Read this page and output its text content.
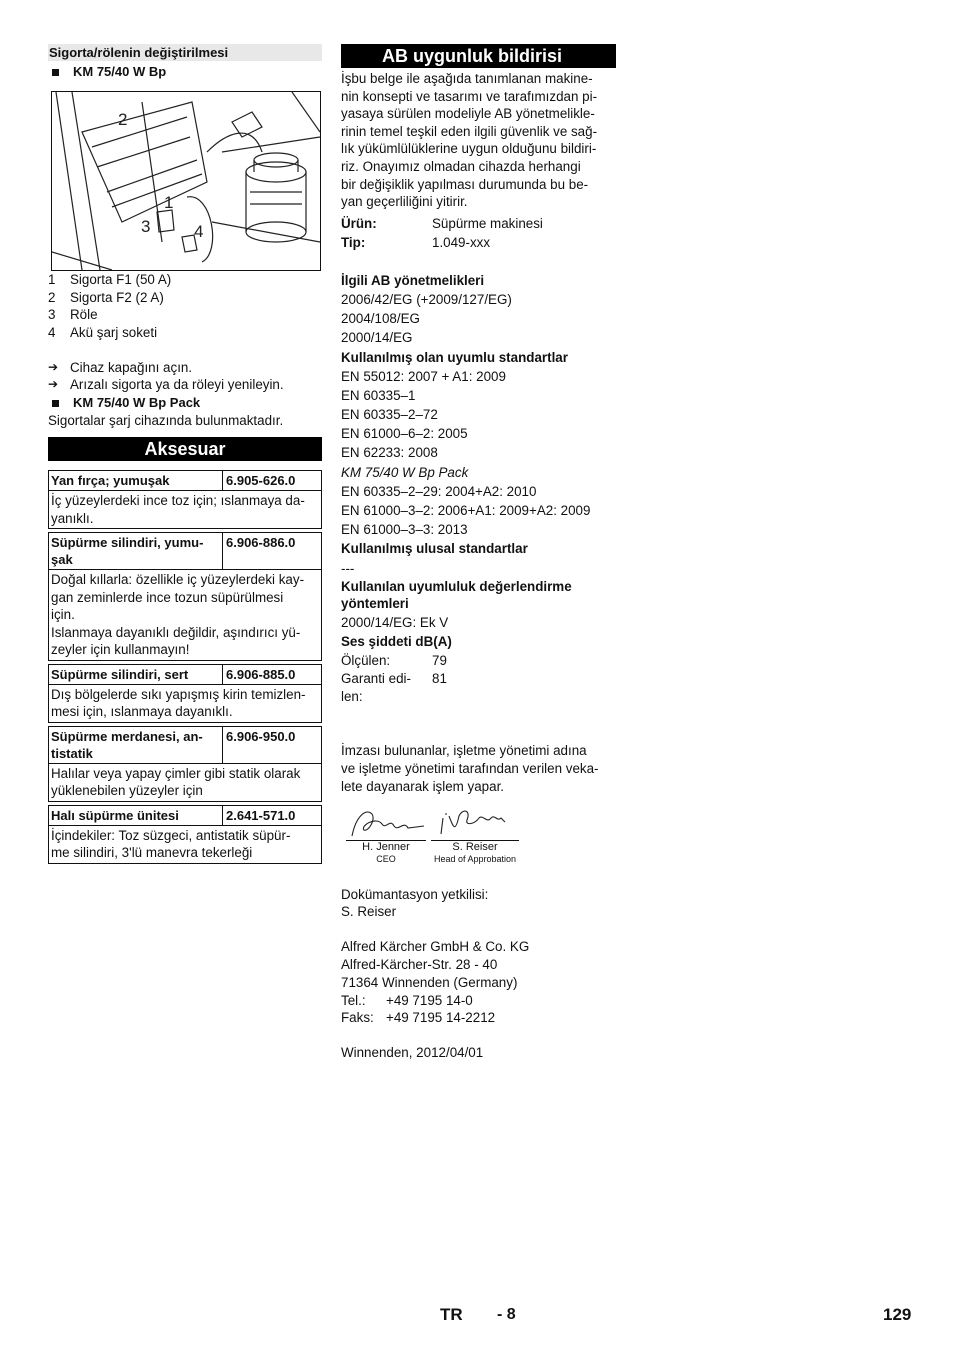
Sigorta/rölenin değiştirilmesi
KM 75/40 W Bp
2
1
3	4
1	Sigorta F1 (50 A)
2	Sigorta F2 (2 A)
3	Röle
4	Akü şarj soketi
➔ Cihaz kapağını açın.
➔ Arızalı sigorta ya da röleyi yenileyin.
KM 75/40 W Bp Pack
Sigortalar şarj cihazında bulunmaktadır.
Aksesuar
Yan fırça; yumuşak	6.905-626.0
İç yüzeylerdeki ince toz için; ıslanmaya da-
yanıklı.
Süpürme silindiri, yumu-
şak
6.906-886.0
Doğal kıllarla: özellikle iç yüzeylerdeki kay-
gan zeminlerde ince tozun süpürülmesi
için.
Islanmaya dayanıklı değildir, aşındırıcı yü-
zeyler için kullanmayın!
Süpürme silindiri, sert	6.906-885.0
Dış bölgelerde sıkı yapışmış kirin temizlen-
mesi için, ıslanmaya dayanıklı.
Süpürme merdanesi, an-
tistatik
6.906-950.0
Halılar veya yapay çimler gibi statik olarak
yüklenebilen yüzeyler için
Halı süpürme ünitesi	2.641-571.0
İçindekiler: Toz süzgeci, antistatik süpür-
me silindiri, 3'lü manevra tekerleği
AB uygunluk bildirisi
İşbu belge ile aşağıda tanımlanan makine-
nin konsepti ve tasarımı ve tarafımızdan pi-
yasaya sürülen modeliyle AB yönetmelikle-
rinin temel teşkil eden ilgili güvenlik ve sağ-
lık yükümlülüklerine uygun olduğunu bildiri-
riz. Onayımız olmadan cihazda herhangi
bir değişiklik yapılması durumunda bu be-
yan geçerliliğini yitirir.
Ürün:	Süpürme makinesi
Tip:	1.049-xxx
İlgili AB yönetmelikleri
2006/42/EG (+2009/127/EG)
2004/108/EG
2000/14/EG
Kullanılmış olan uyumlu standartlar
EN 55012: 2007 + A1: 2009
EN 60335–1
EN 60335–2–72
EN 61000–6–2: 2005
EN 62233: 2008
KM 75/40 W Bp Pack
EN 60335–2–29: 2004+A2: 2010
EN 61000–3–2: 2006+A1: 2009+A2: 2009
EN 61000–3–3: 2013
Kullanılmış ulusal standartlar
---
Kullanılan uyumluluk değerlendirme
yöntemleri
2000/14/EG: Ek V
Ses şiddeti dB(A)
Ölçülen:	79
Garanti edi-
len:
81
İmzası bulunanlar, işletme yönetimi adına
ve işletme yönetimi tarafından verilen veka-
lete dayanarak işlem yapar.
H. Jenner
CEO
S. Reiser
Head of Approbation
Dokümantasyon yetkilisi:
S. Reiser
Alfred Kärcher GmbH & Co. KG
Alfred-Kärcher-Str. 28 - 40
71364 Winnenden (Germany)
Tel.:	+49 7195 14-0
Faks: +49 7195 14-2212
Winnenden, 2012/04/01
TR - 8	129
